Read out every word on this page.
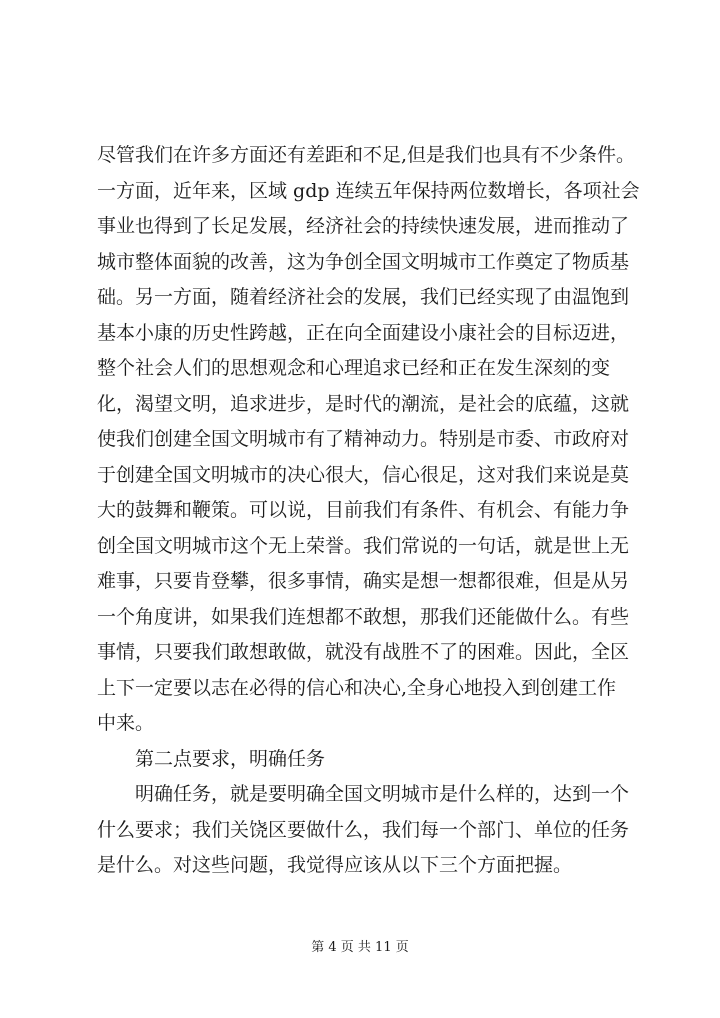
尽管我们在许多方面还有差距和不足,但是我们也具有不少条件。
一方面，近年来，区域 gdp 连续五年保持两位数增长，各项社会
事业也得到了长足发展，经济社会的持续快速发展，进而推动了
城市整体面貌的改善，这为争创全国文明城市工作奠定了物质基
础。另一方面，随着经济社会的发展，我们已经实现了由温饱到
基本小康的历史性跨越，正在向全面建设小康社会的目标迈进，
整个社会人们的思想观念和心理追求已经和正在发生深刻的变
化，渴望文明，追求进步，是时代的潮流，是社会的底蕴，这就
使我们创建全国文明城市有了精神动力。特别是市委、市政府对
于创建全国文明城市的决心很大，信心很足，这对我们来说是莫
大的鼓舞和鞭策。可以说，目前我们有条件、有机会、有能力争
创全国文明城市这个无上荣誉。我们常说的一句话，就是世上无
难事，只要肯登攀，很多事情，确实是想一想都很难，但是从另
一个角度讲，如果我们连想都不敢想，那我们还能做什么。有些
事情，只要我们敢想敢做，就没有战胜不了的困难。因此，全区
上下一定要以志在必得的信心和决心,全身心地投入到创建工作
中来。
第二点要求，明确任务
明确任务，就是要明确全国文明城市是什么样的，达到一个
什么要求；我们关饶区要做什么，我们每一个部门、单位的任务
是什么。对这些问题，我觉得应该从以下三个方面把握。
第 4 页 共 11 页
